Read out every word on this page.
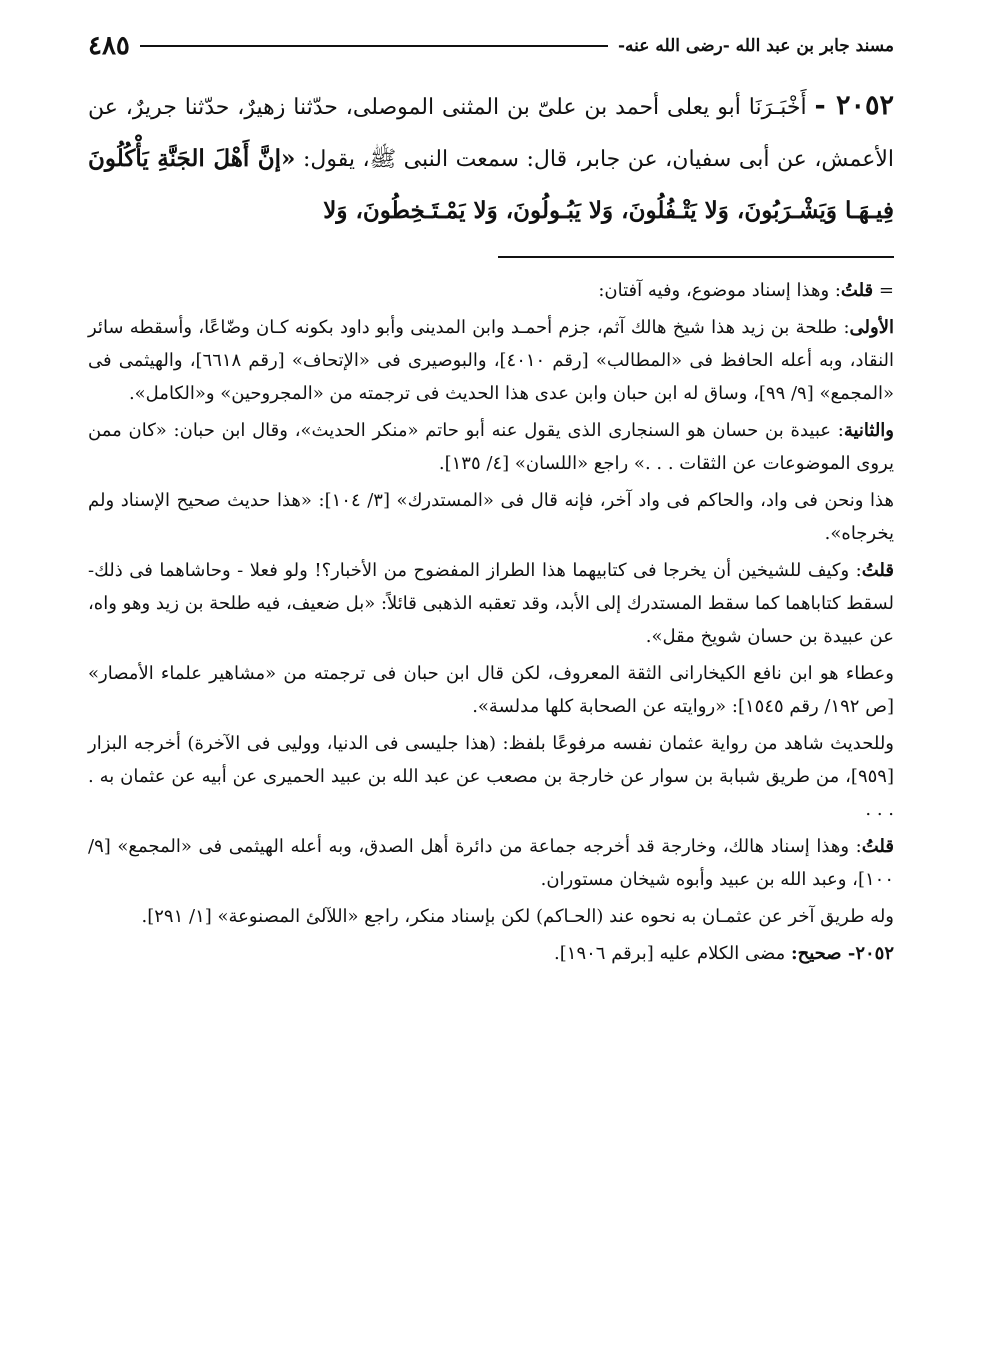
مسند جابر بن عبد الله -رضى الله عنه-
٤٨٥
٢٠٥٢ - أَخْبَـرَنَا أبو يعلى أحمد بن علىّ بن المثنى الموصلى، حدّثنا زهيرٌ، حدّثنا جريرٌ، عن الأعمش، عن أبى سفيان، عن جابر، قال: سمعت النبى ﷺ، يقول: «إنَّ أَهْلَ الجَنَّةِ يَأْكُلُونَ فِيـهَـا وَيَشْـرَبُونَ، وَلا يَتْـفُلُونَ، وَلا يَبُـولُونَ، وَلا يَمْـتَـخِطُونَ، وَلا

= قلتُ: وهذا إسناد موضوع، وفيه آفتان:

الأولى: طلحة بن زيد هذا شيخ هالك آثم، جزم أحمـد وابن المدينى وأبو داود بكونه كـان وضّاعًا، وأسقطه سائر النقاد، وبه أعله الحافظ فى «المطالب» [رقم ٤٠١٠]، والبوصيرى فى «الإتحاف» [رقم ٦٦١٨]، والهيثمى فى «المجمع» [٩/ ٩٩]، وساق له ابن حبان وابن عدى هذا الحديث فى ترجمته من «المجروحين» و«الكامل».

والثانية: عبيدة بن حسان هو السنجارى الذى يقول عنه أبو حاتم «منكر الحديث»، وقال ابن حبان: «كان ممن يروى الموضوعات عن الثقات . . .» راجع «اللسان» [٤/ ١٣٥].

هذا ونحن فى واد، والحاكم فى واد آخر، فإنه قال فى «المستدرك» [٣/ ١٠٤]: «هذا حديث صحيح الإسناد ولم يخرجاه».

قلتُ: وكيف للشيخين أن يخرجا فى كتابيهما هذا الطراز المفضوح من الأخبار؟! ولو فعلا - وحاشاهما فى ذلك- لسقط كتاباهما كما سقط المستدرك إلى الأبد، وقد تعقبه الذهبى قائلاً: «بل ضعيف، فيه طلحة بن زيد وهو واه، عن عبيدة بن حسان شويخ مقل».

وعطاء هو ابن نافع الكيخارانى الثقة المعروف، لكن قال ابن حبان فى ترجمته من «مشاهير علماء الأمصار» [ص ١٩٢/ رقم ١٥٤٥]: «روايته عن الصحابة كلها مدلسة».

وللحديث شاهد من رواية عثمان نفسه مرفوعًا بلفظ: (هذا جليسى فى الدنيا، ووليى فى الآخرة) أخرجه البزار [٩٥٩]، من طريق شبابة بن سوار عن خارجة بن مصعب عن عبد الله بن عبيد الحميرى عن أبيه عن عثمان به . . . .

قلتُ: وهذا إسناد هالك، وخارجة قد أخرجه جماعة من دائرة أهل الصدق، وبه أعله الهيثمى فى «المجمع» [٩/ ١٠٠]، وعبد الله بن عبيد وأبوه شيخان مستوران.

وله طريق آخر عن عثمـان به نحوه عند (الحـاكم) لكن بإسناد منكر، راجع «اللآلئ المصنوعة» [١/ ٢٩١].

٢٠٥٢- صحيح: مضى الكلام عليه [برقم ١٩٠٦].
